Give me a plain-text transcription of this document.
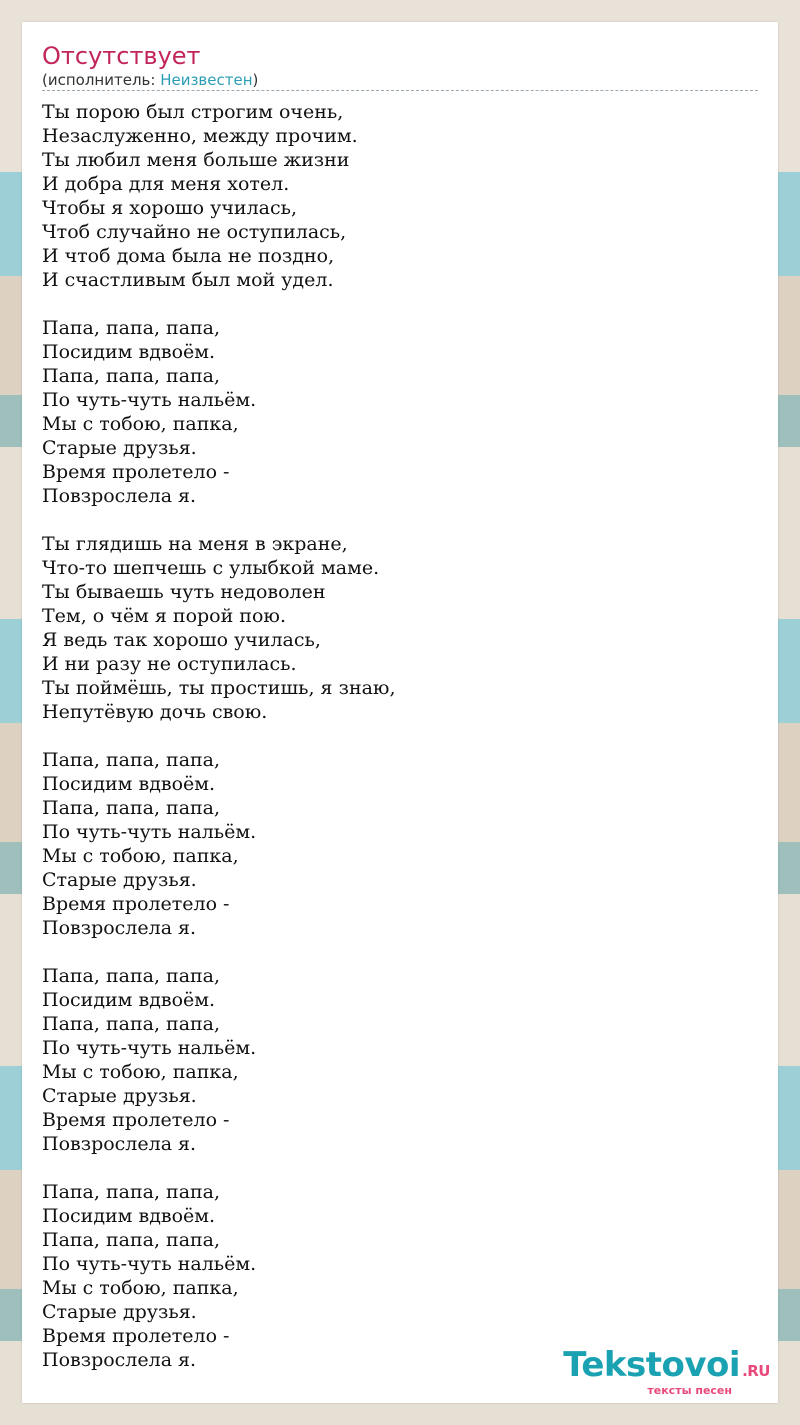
Отсутствует
(исполнитель: Неизвестен)
Ты порою был строгим очень,
Незаслуженно, между прочим.
Ты любил меня больше жизни
И добра для меня хотел.
Чтобы я хорошо училась,
Чтоб случайно не оступилась,
И чтоб дома была не поздно,
И счастливым был мой удел.
Папа, папа, папа,
Посидим вдвоём.
Папа, папа, папа,
По чуть-чуть нальём.
Мы с тобою, папка,
Старые друзья.
Время пролетело -
Повзрослела я.
Ты глядишь на меня в экране,
Что-то шепчешь с улыбкой маме.
Ты бываешь чуть недоволен
Тем, о чём я порой пою.
Я ведь так хорошо училась,
И ни разу не оступилась.
Ты поймёшь, ты простишь, я знаю,
Непутёвую дочь свою.
Папа, папа, папа,
Посидим вдвоём.
Папа, папа, папа,
По чуть-чуть нальём.
Мы с тобою, папка,
Старые друзья.
Время пролетело -
Повзрослела я.
Папа, папа, папа,
Посидим вдвоём.
Папа, папа, папа,
По чуть-чуть нальём.
Мы с тобою, папка,
Старые друзья.
Время пролетело -
Повзрослела я.
Папа, папа, папа,
Посидим вдвоём.
Папа, папа, папа,
По чуть-чуть нальём.
Мы с тобою, папка,
Старые друзья.
Время пролетело -
Повзрослела я.	Tekstovoi .RU
тексты песен
